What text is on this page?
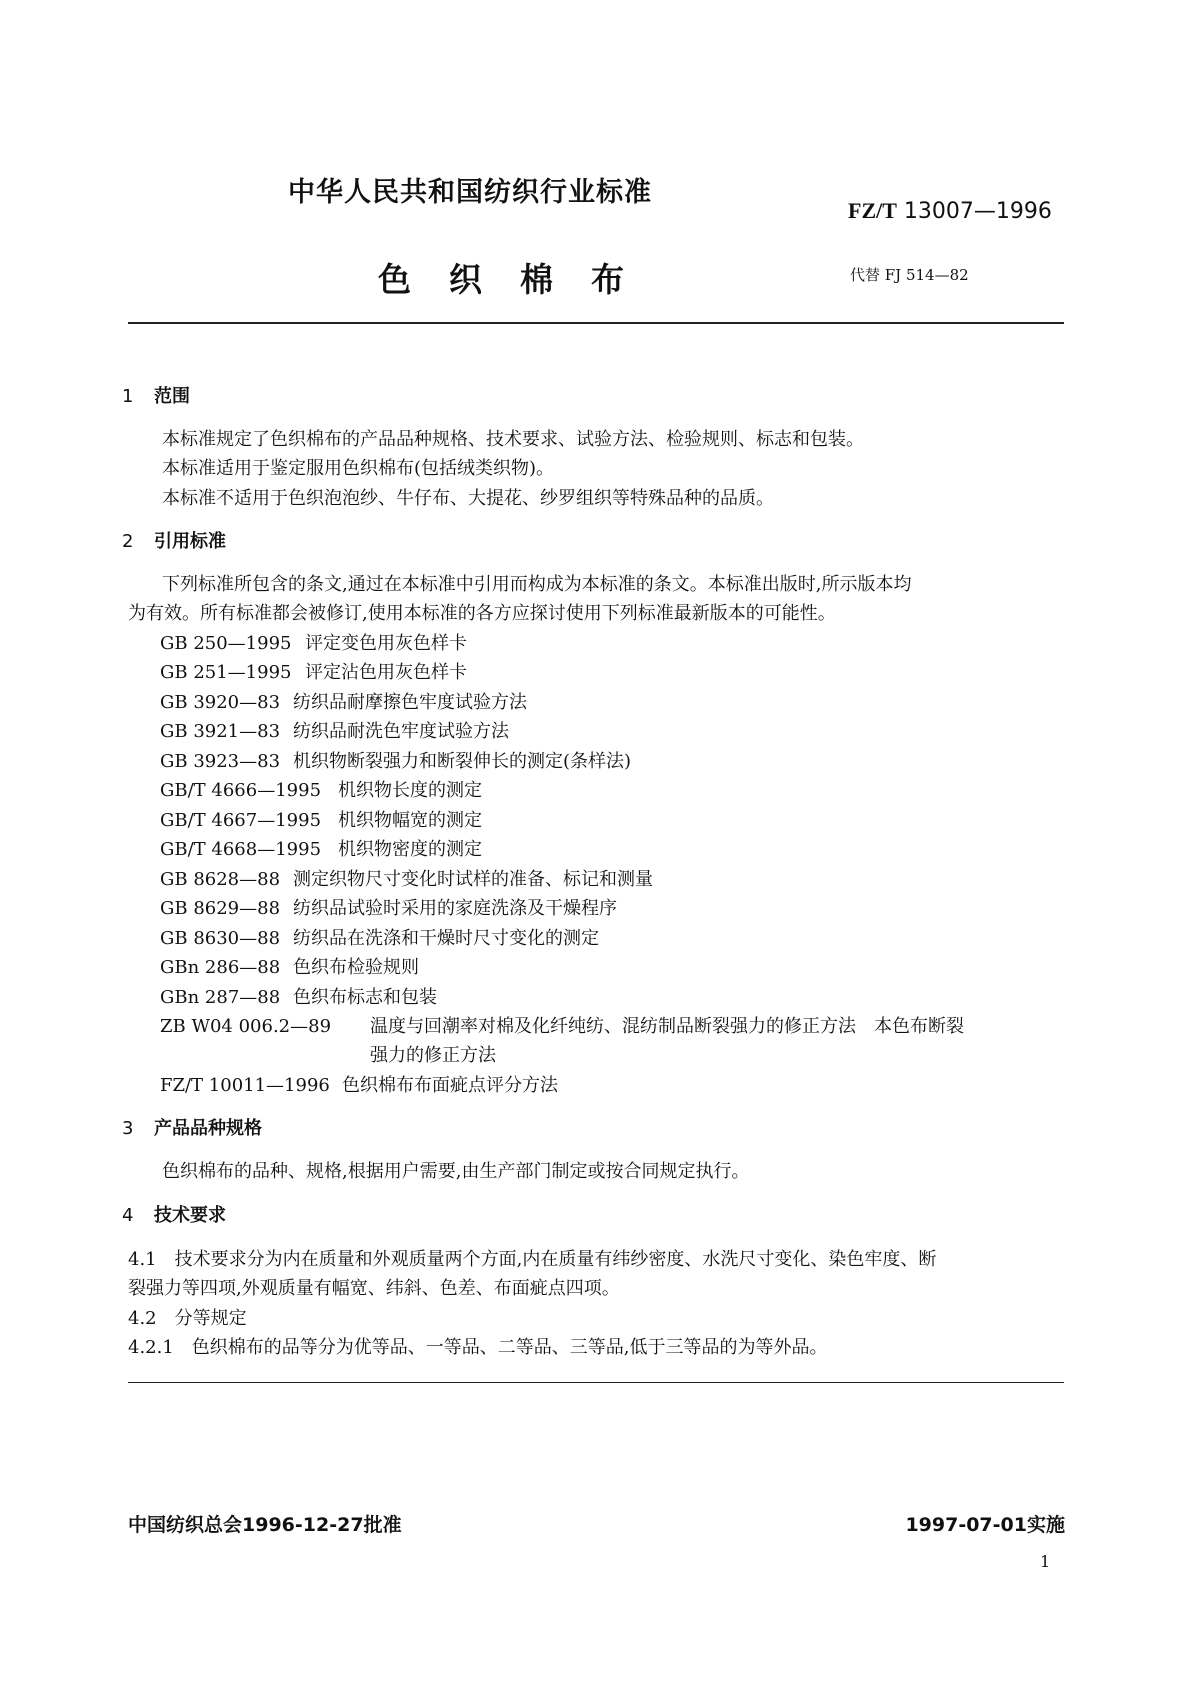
中华人民共和国纺织行业标准
FZ/T 13007—1996
色织棉布	代替 FJ 514—82
1 范围
本标准规定了色织棉布的产品品种规格、技术要求、试验方法、检验规则、标志和包装。
本标准适用于鉴定服用色织棉布(包括绒类织物)。
本标准不适用于色织泡泡纱、牛仔布、大提花、纱罗组织等特殊品种的品质。
2 引用标准
下列标准所包含的条文,通过在本标准中引用而构成为本标准的条文。本标准出版时,所示版本均
为有效。所有标准都会被修订,使用本标准的各方应探讨使用下列标准最新版本的可能性。
GB 250—1995 评定变色用灰色样卡
GB 251—1995 评定沾色用灰色样卡
GB 3920—83 纺织品耐摩擦色牢度试验方法
GB 3921—83 纺织品耐洗色牢度试验方法
GB 3923—83 机织物断裂强力和断裂伸长的测定(条样法)
GB/T 4666—1995 机织物长度的测定
GB/T 4667—1995 机织物幅宽的测定
GB/T 4668—1995 机织物密度的测定
GB 8628—88 测定织物尺寸变化时试样的准备、标记和测量
GB 8629—88 纺织品试验时采用的家庭洗涤及干燥程序
GB 8630—88 纺织品在洗涤和干燥时尺寸变化的测定
GBn 286—88 色织布检验规则
GBn 287—88 色织布标志和包装
ZB W04 006.2—89 温度与回潮率对棉及化纤纯纺、混纺制品断裂强力的修正方法　本色布断裂
强力的修正方法
FZ/T 10011—1996 色织棉布布面疵点评分方法
3 产品品种规格
色织棉布的品种、规格,根据用户需要,由生产部门制定或按合同规定执行。
4 技术要求
4.1　技术要求分为内在质量和外观质量两个方面,内在质量有纬纱密度、水洗尺寸变化、染色牢度、断
裂强力等四项,外观质量有幅宽、纬斜、色差、布面疵点四项。
4.2　分等规定
4.2.1　色织棉布的品等分为优等品、一等品、二等品、三等品,低于三等品的为等外品。
中国纺织总会1996-12-27批准	1997-07-01实施
1
